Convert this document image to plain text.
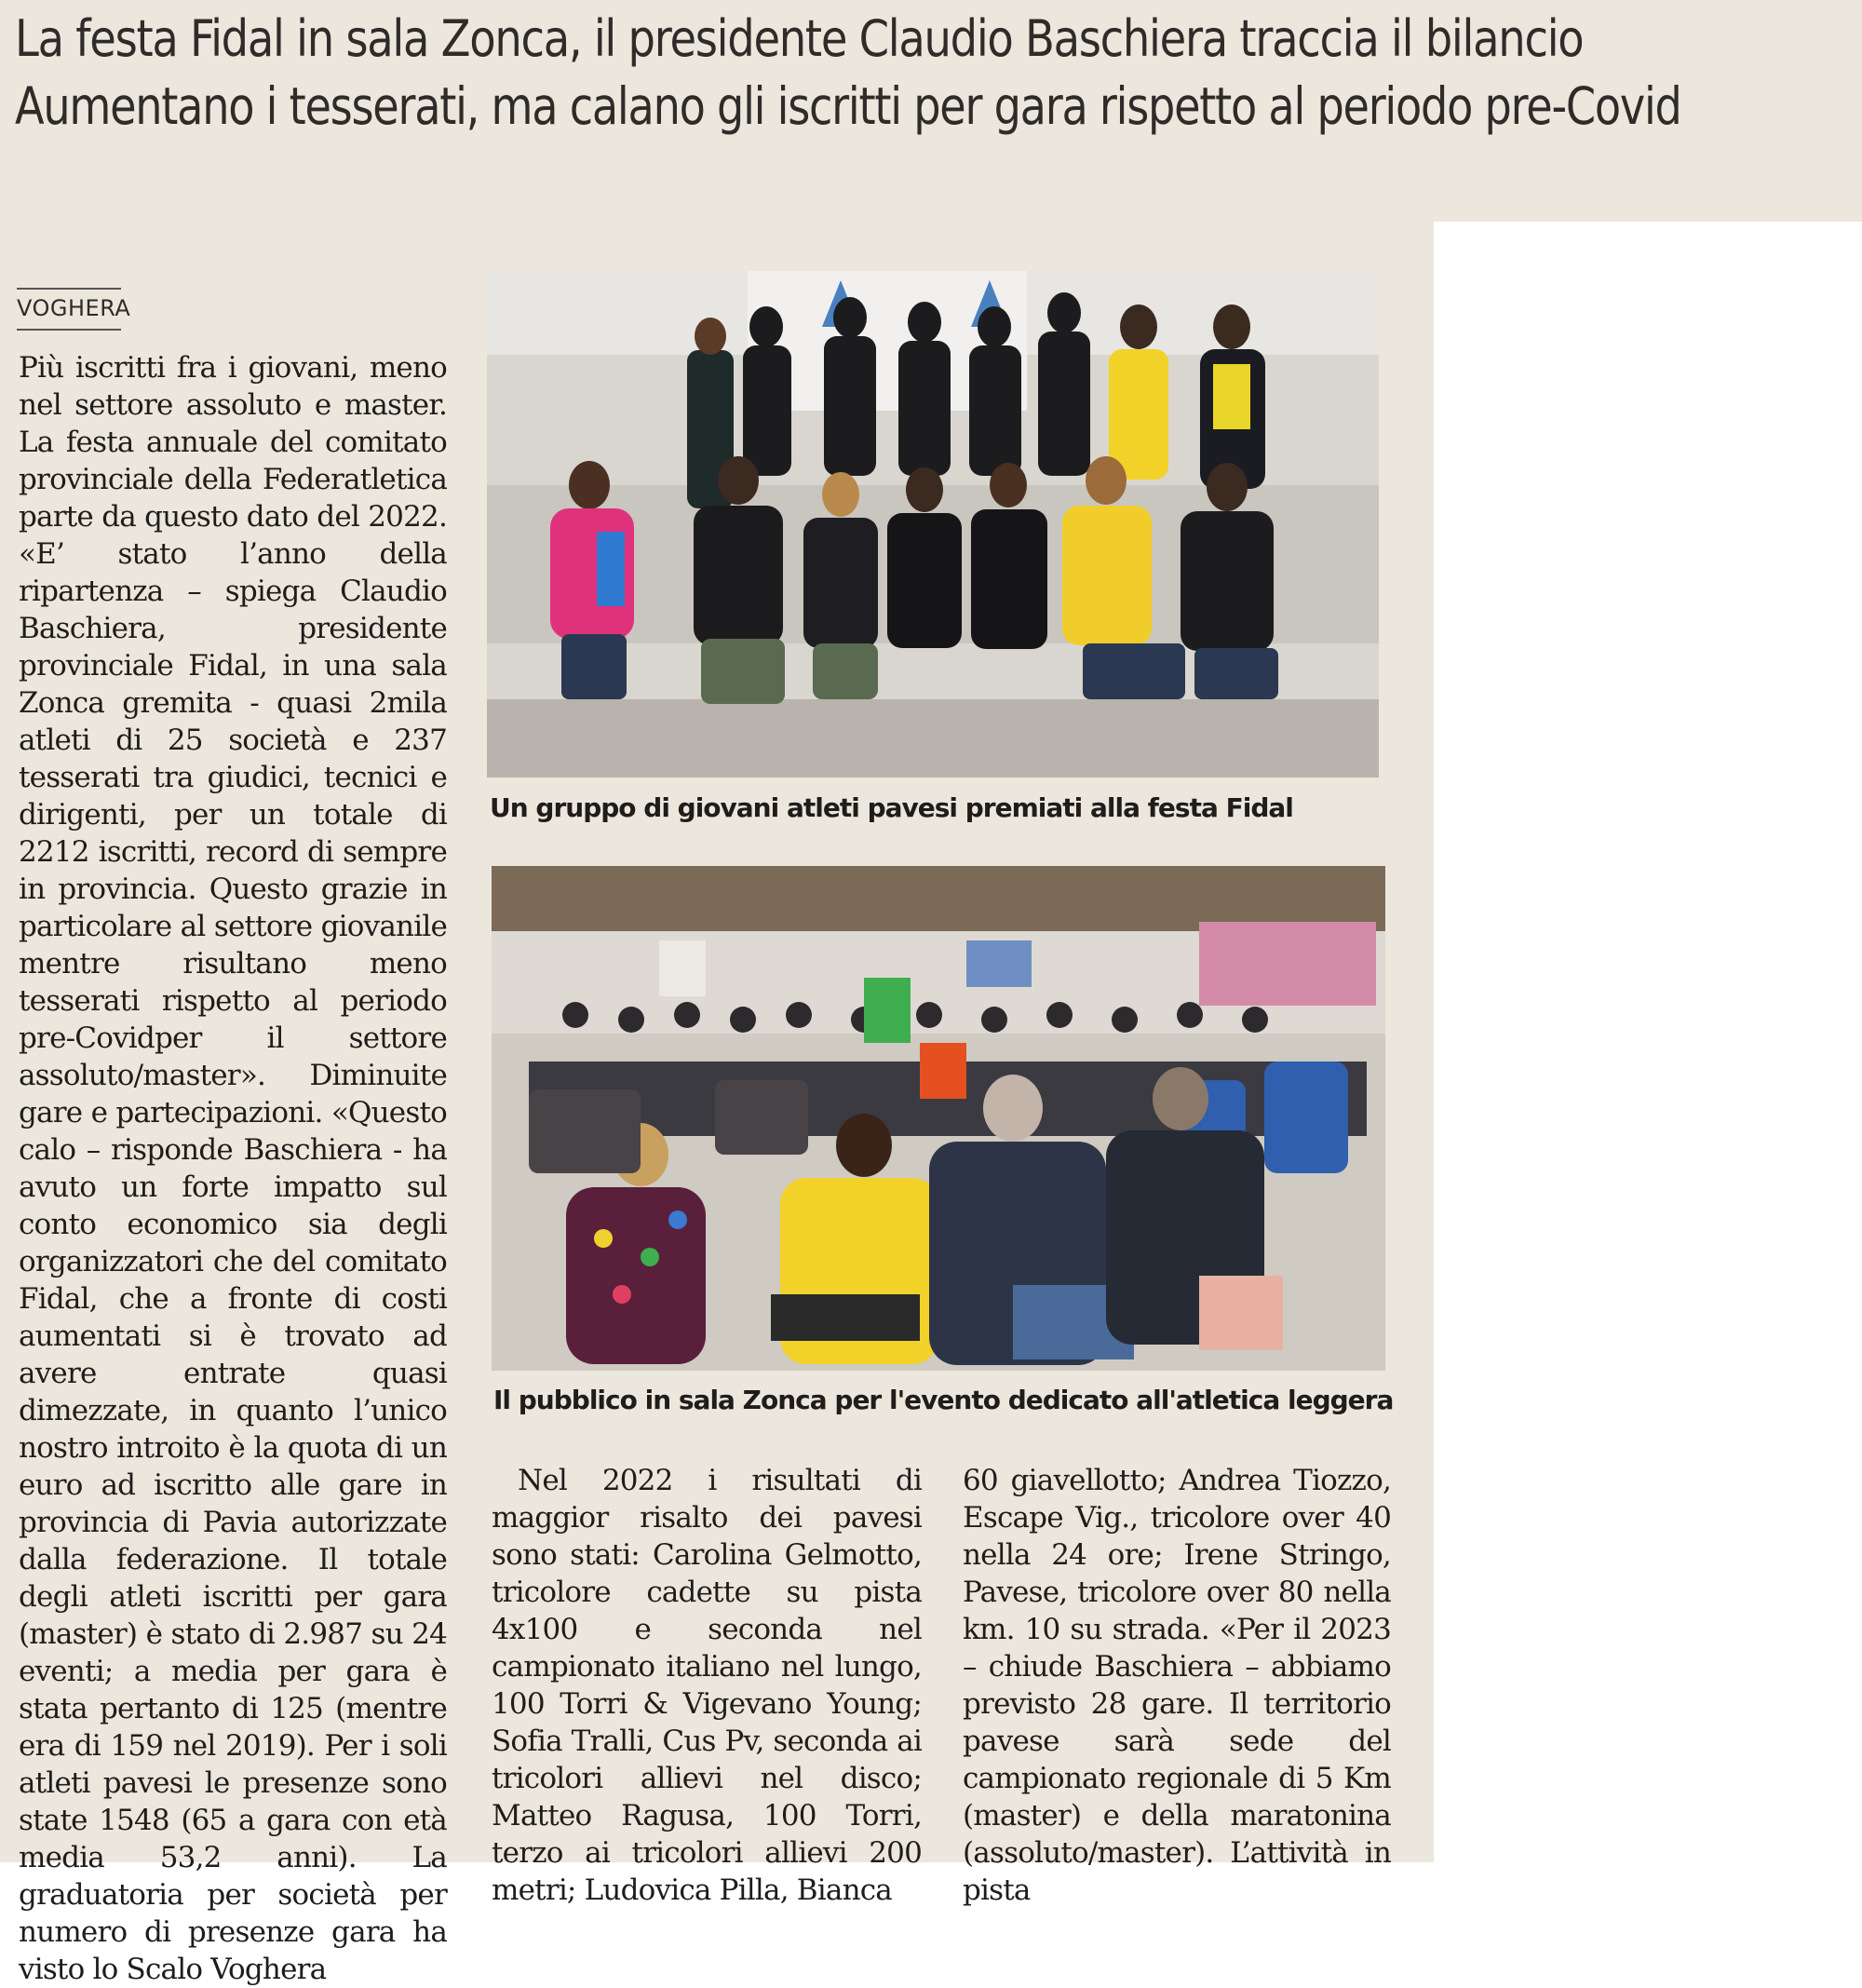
La festa Fidal in sala Zonca, il presidente Claudio Baschiera traccia il bilancio
Aumentano i tesserati, ma calano gli iscritti per gara rispetto al periodo pre-Covid
VOGHERA

Più iscritti fra i giovani, meno nel settore assoluto e master. La festa annuale del comitato provinciale della Federatletica parte da questo dato del 2022. «E’ stato l’anno della ripartenza – spiega Claudio Baschiera, presidente provinciale Fidal, in una sala Zonca gremita - quasi 2mila atleti di 25 società e 237 tesserati tra giudici, tecnici e dirigenti, per un totale di 2212 iscritti, record di sempre in provincia. Questo grazie in particolare al settore giovanile mentre risultano meno tesserati rispetto al periodo pre-Covidper il settore assoluto/master». Diminuite gare e partecipazioni. «Questo calo – risponde Baschiera - ha avuto un forte impatto sul conto economico sia degli organizzatori che del comitato Fidal, che a fronte di costi aumentati si è trovato ad avere entrate quasi dimezzate, in quanto l’unico nostro introito è la quota di un euro ad iscritto alle gare in provincia di Pavia autorizzate dalla federazione. Il totale degli atleti iscritti per gara (master) è stato di 2.987 su 24 eventi; a media per gara è stata pertanto di 125 (mentre era di 159 nel 2019). Per i soli atleti pavesi le presenze sono state 1548 (65 a gara con età media 53,2 anni). La graduatoria per società per numero di presenze gara ha visto lo Scalo Voghera

Un gruppo di giovani atleti pavesi premiati alla festa Fidal

Il pubblico in sala Zonca per l'evento dedicato all'atletica leggera

Nel 2022 i risultati di maggior risalto dei pavesi sono stati: Carolina Gelmotto, tricolore cadette su pista 4x100 e seconda nel campionato italiano nel lungo, 100 Torri & Vigevano Young; Sofia Tralli, Cus Pv, seconda ai tricolori allievi nel disco; Matteo Ragusa, 100 Torri, terzo ai tricolori allievi 200 metri; Ludovica Pilla, Bianca

60 giavellotto; Andrea Tiozzo, Escape Vig., tricolore over 40 nella 24 ore; Irene Stringo, Pavese, tricolore over 80 nella km. 10 su strada. «Per il 2023 – chiude Baschiera – abbiamo previsto 28 gare. Il territorio pavese sarà sede del campionato regionale di 5 Km (master) e della maratonina (assoluto/master). L’attività in pista
